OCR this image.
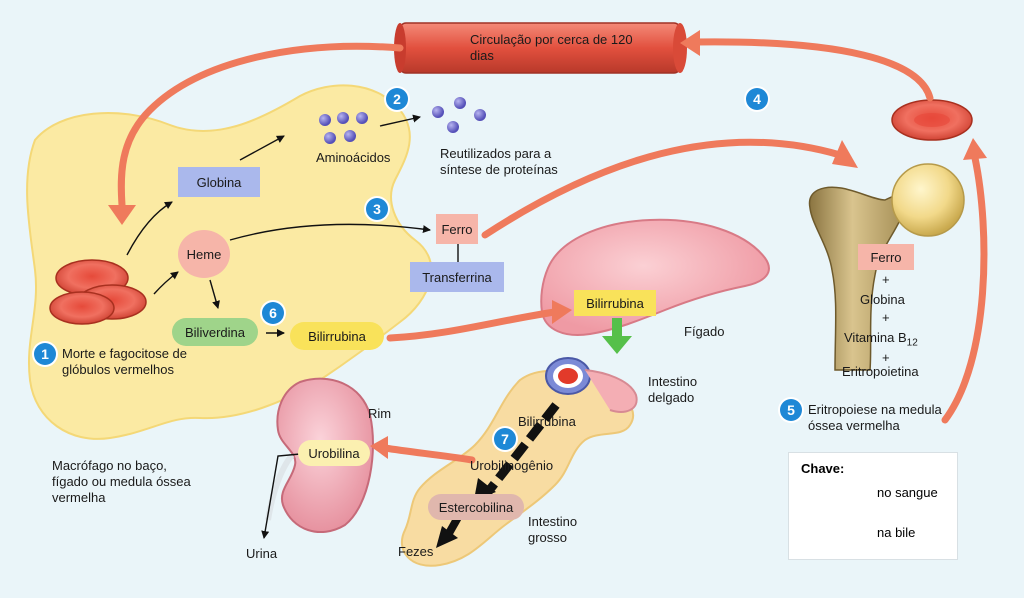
Circulação por cerca de 120 dias
1
2
3
4
5
6
7
Morte e fagocitose de glóbulos vermelhos
Macrófago no baço, fígado ou medula óssea vermelha
Globina
Aminoácidos	Reutilizados para a síntese de proteínas
Heme
Ferro
Transferrina
Biliverdina	Bilirrubina
Bilirrubina
Fígado
Intestino delgado
Bilirrubina
Urobilinogênio
Estercobilina
Intestino grosso
Fezes
Rim
Urobilina
Urina
Ferro
+
Globina
+
Vitamina $B_{12}$
+
Eritropoietina
Eritropoiese na medula óssea vermelha
Chave:
no sangue
na bile
